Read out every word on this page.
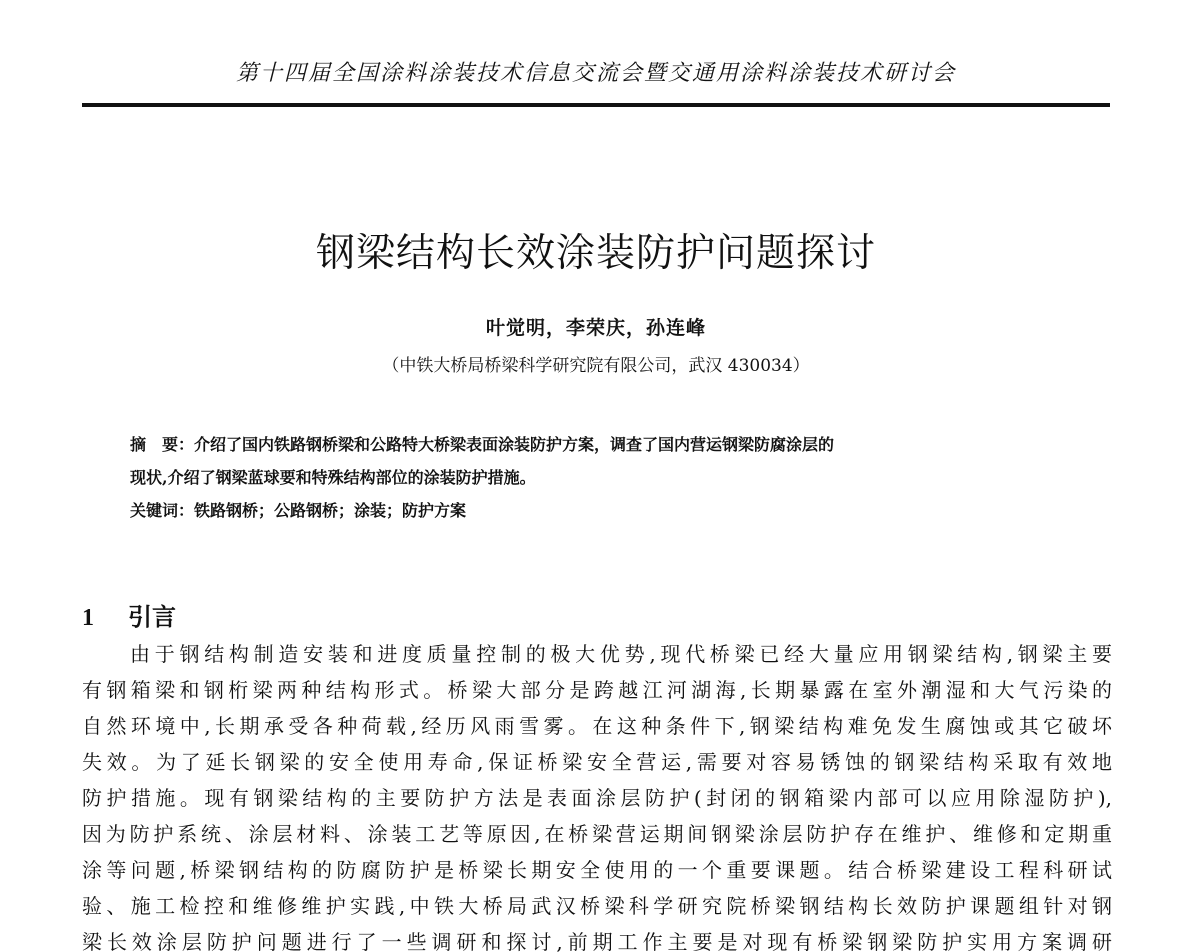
第十四届全国涂料涂装技术信息交流会暨交通用涂料涂装技术研讨会
钢梁结构长效涂装防护问题探讨
叶觉明，李荣庆，孙连峰
（中铁大桥局桥梁科学研究院有限公司，武汉 430034）

摘　要：介绍了国内铁路钢桥梁和公路特大桥梁表面涂装防护方案，调查了国内营运钢梁防腐涂层的

现状,介绍了钢梁蓝球要和特殊结构部位的涂装防护措施。

关键词：铁路钢桥；公路钢桥；涂装；防护方案

1 引言
由于钢结构制造安装和进度质量控制的极大优势,现代桥梁已经大量应用钢梁结构,钢梁主要
有钢箱梁和钢桁梁两种结构形式。桥梁大部分是跨越江河湖海,长期暴露在室外潮湿和大气污染的
自然环境中,长期承受各种荷载,经历风雨雪雾。在这种条件下,钢梁结构难免发生腐蚀或其它破坏
失效。为了延长钢梁的安全使用寿命,保证桥梁安全营运,需要对容易锈蚀的钢梁结构采取有效地
防护措施。现有钢梁结构的主要防护方法是表面涂层防护(封闭的钢箱梁内部可以应用除湿防护),
因为防护系统、涂层材料、涂装工艺等原因,在桥梁营运期间钢梁涂层防护存在维护、维修和定期重
涂等问题,桥梁钢结构的防腐防护是桥梁长期安全使用的一个重要课题。结合桥梁建设工程科研试
验、施工检控和维修维护实践,中铁大桥局武汉桥梁科学研究院桥梁钢结构长效防护课题组针对钢
梁长效涂层防护问题进行了一些调研和探讨,前期工作主要是对现有桥梁钢梁防护实用方案调研
